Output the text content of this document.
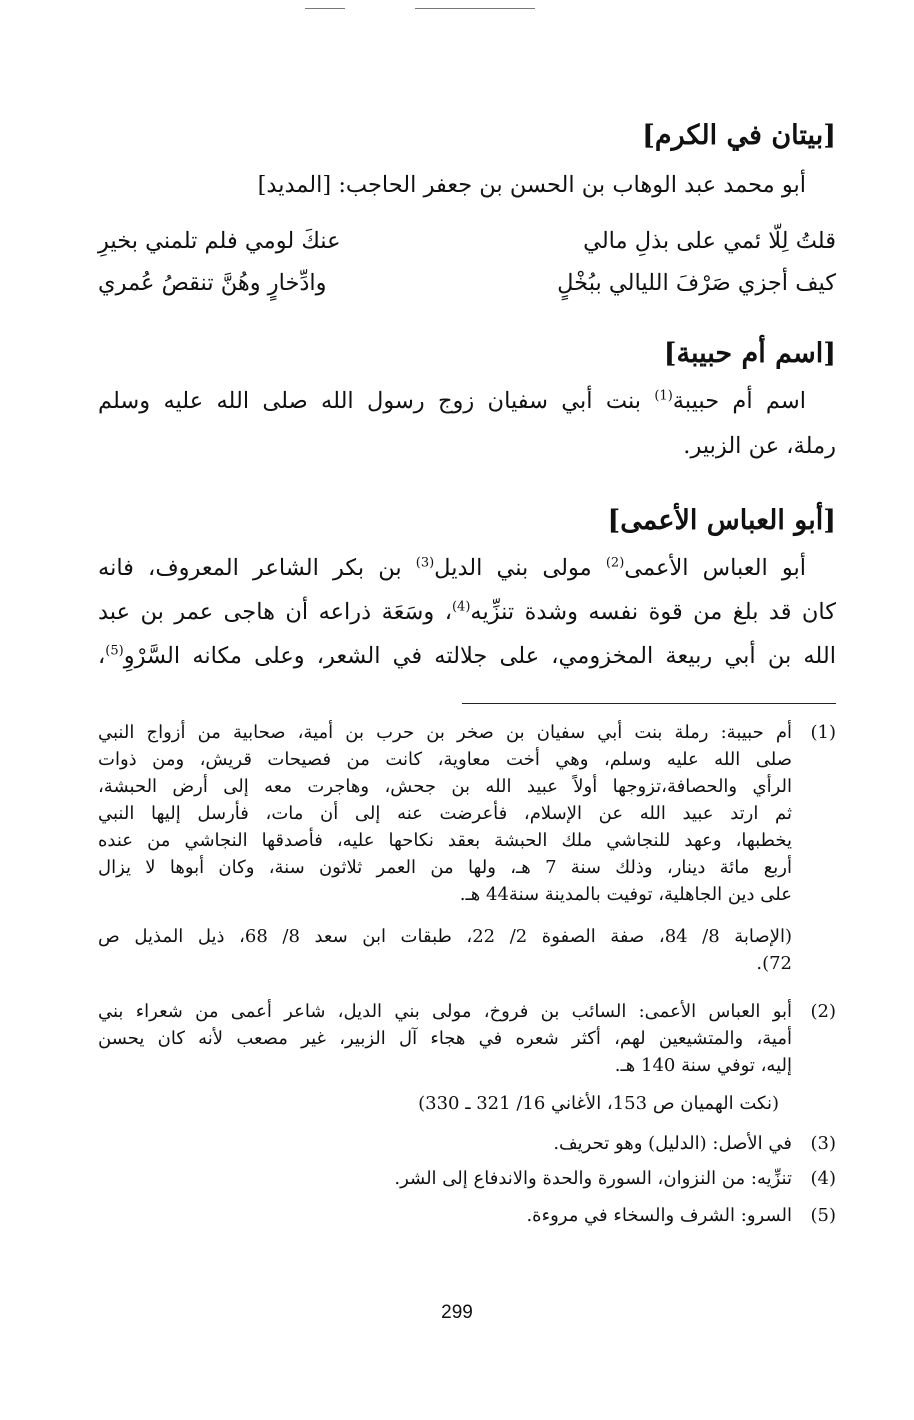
[بيتان في الكرم]
أبو محمد عبد الوهاب بن الحسن بن جعفر الحاجب: [المديد]
قلتُ لِلّا ئمي على بذلِ مالي
عنكَ لومي فلم تلمني بخيرِ
كيف أجزي صَرْفَ الليالي ببُخْلٍ
وادِّخارٍ وهُنَّ تنقصُ عُمري
[اسم أم حبيبة]
اسم أم حبيبة$^{(1)}$ بنت أبي سفيان زوج رسول الله صلى الله عليه وسلم
رملة، عن الزبير.
[أبو العباس الأعمى]
أبو العباس الأعمى$^{(2)}$ مولى بني الديل$^{(3)}$ بن بكر الشاعر المعروف، فانه
كان قد بلغ من قوة نفسه وشدة تنزِّيه$^{(4)}$، وسَعَة ذراعه أن هاجى عمر بن عبد
الله بن أبي ربيعة المخزومي، على جلالته في الشعر، وعلى مكانه السَّرْوِ$^{(5)}$،
(1)
أم حبيبة: رملة بنت أبي سفيان بن صخر بن حرب بن أمية، صحابية من أزواج النبي
صلى الله عليه وسلم، وهي أخت معاوية، كانت من فصيحات قريش، ومن ذوات
الرأي والحصافة،تزوجها أولاً عبيد الله بن جحش، وهاجرت معه إلى أرض الحبشة،
ثم ارتد عبيد الله عن الإسلام، فأعرضت عنه إلى أن مات، فأرسل إليها النبي
يخطبها، وعهد للنجاشي ملك الحبشة بعقد نكاحها عليه، فأصدقها النجاشي من عنده
أربع مائة دينار، وذلك سنة 7 هـ، ولها من العمر ثلاثون سنة، وكان أبوها لا يزال
على دين الجاهلية، توفيت بالمدينة سنة44 هـ.
(الإصابة 8/ 84، صفة الصفوة 2/ 22، طبقات ابن سعد 8/ 68، ذيل المذيل ص
72).
(2)
أبو العباس الأعمى: السائب بن فروخ، مولى بني الديل، شاعر أعمى من شعراء بني
أمية، والمتشيعين لهم، أكثر شعره في هجاء آل الزبير، غير مصعب لأنه كان يحسن
إليه، توفي سنة 140 هـ.
(نكت الهميان ص 153، الأغاني 16/ 321 ـ 330)
(3)
في الأصل: (الدليل) وهو تحريف.
(4)
تنزِّيه: من النزوان، السورة والحدة والاندفاع إلى الشر.
(5)
السرو: الشرف والسخاء في مروءة.
299
